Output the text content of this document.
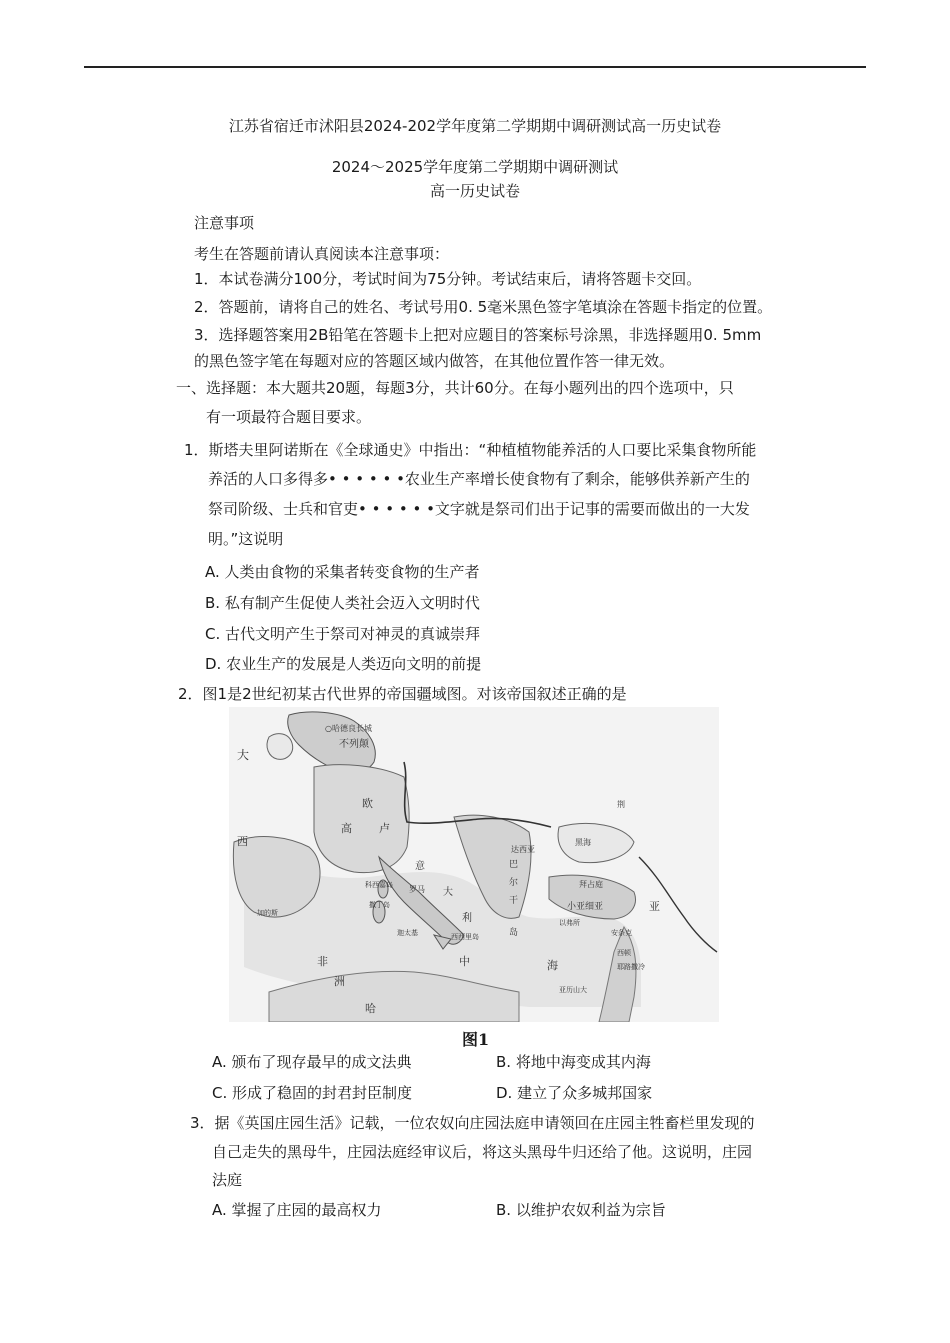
江苏省宿迁市沭阳县2024-202学年度第二学期期中调研测试高一历史试卷
2024～2025学年度第二学期期中调研测试
高一历史试卷
注意事项
考生在答题前请认真阅读本注意事项：
1．本试卷满分100分，考试时间为75分钟。考试结束后，请将答题卡交回。
2．答题前，请将自己的姓名、考试号用0. 5毫米黑色签字笔填涂在答题卡指定的位置。
3．选择题答案用2B铅笔在答题卡上把对应题目的答案标号涂黑，非选择题用0. 5mm
的黑色签字笔在每题对应的答题区域内做答，在其他位置作答一律无效。
一、选择题：本大题共20题，每题3分，共计60分。在每小题列出的四个选项中，只
有一项最符合题目要求。
1．斯塔夫里阿诺斯在《全球通史》中指出：“种植植物能养活的人口要比采集食物所能
养活的人口多得多• • • • • •农业生产率增长使食物有了剩余，能够供养新产生的
祭司阶级、士兵和官吏• • • • • •文字就是祭司们出于记事的需要而做出的一大发
明。”这说明
A. 人类由食物的采集者转变食物的生产者
B. 私有制产生促使人类社会迈入文明时代
C. 古代文明产生于祭司对神灵的真诚崇拜
D. 农业生产的发展是人类迈向文明的前提
2．图1是2世纪初某古代世界的帝国疆域图。对该帝国叙述正确的是
○哈德良长城
不列颠
大
西
欧
高 卢
意
大
利
罗马
科西嘉岛
撒丁岛
西西里岛
迦太基
加的斯
达西亚
黑海
巴
尔
干
岛
拜占庭
小亚细亚
以弗所
安条克
西顿
耶路撒冷
亚历山大
非
洲
哈
中	海
亚
荆
图1
A. 颁布了现存最早的成文法典	B. 将地中海变成其内海
C. 形成了稳固的封君封臣制度	D. 建立了众多城邦国家
3．据《英国庄园生活》记载，一位农奴向庄园法庭申请领回在庄园主牲畜栏里发现的
自己走失的黑母牛，庄园法庭经审议后，将这头黑母牛归还给了他。这说明，庄园
法庭
A. 掌握了庄园的最高权力	B. 以维护农奴利益为宗旨
